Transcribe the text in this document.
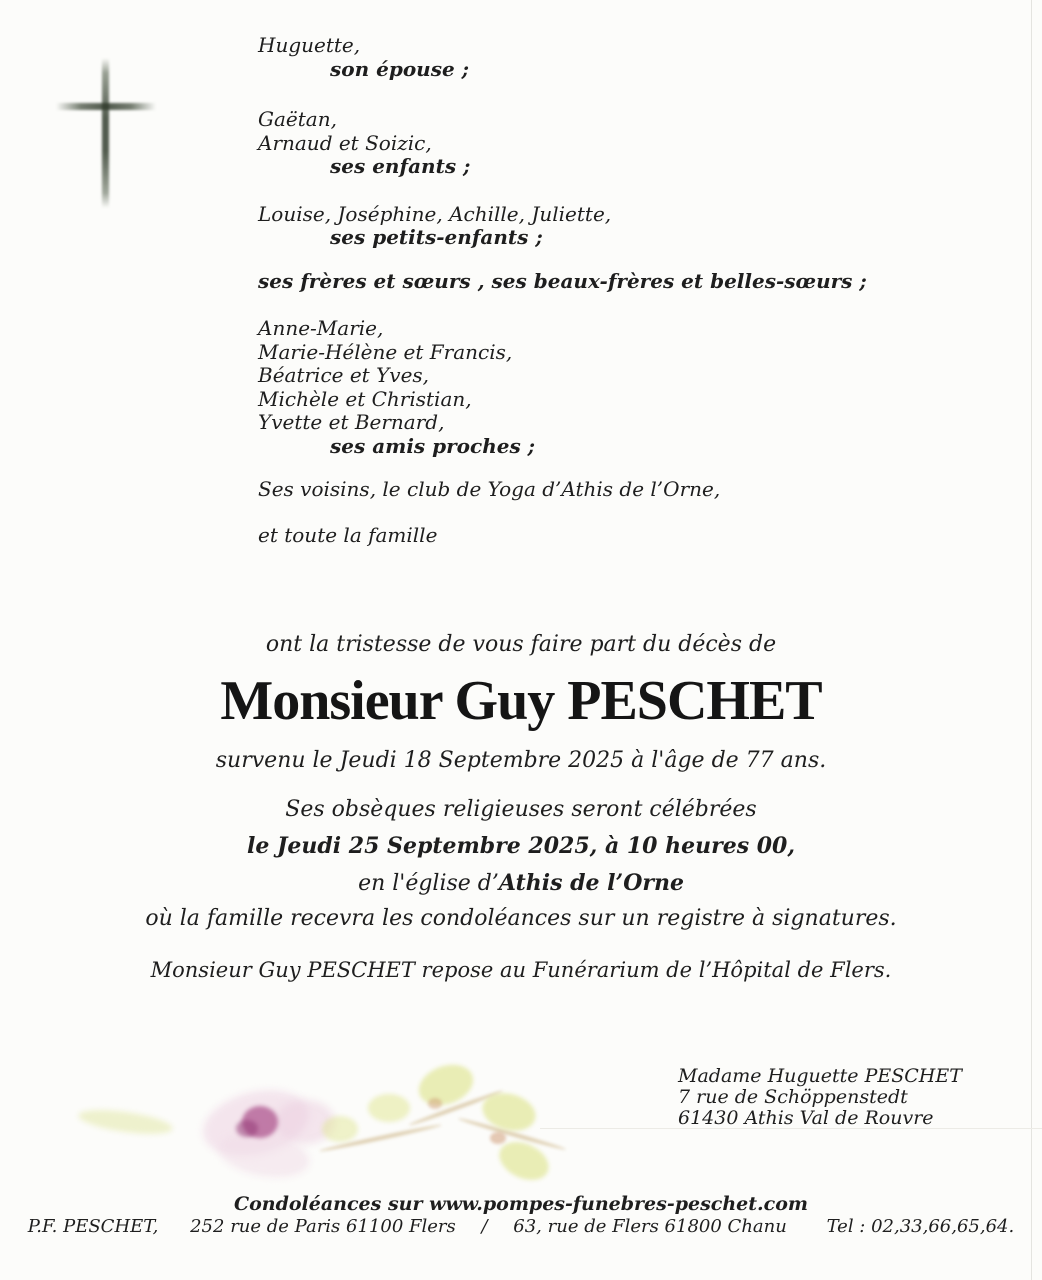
Huguette,
son épouse ;
Gaëtan,
Arnaud et Soizic,
ses enfants ;
Louise, Joséphine, Achille, Juliette,
ses petits-enfants ;
ses frères et sœurs , ses beaux-frères et belles-sœurs ;
Anne-Marie,
Marie-Hélène et Francis,
Béatrice et Yves,
Michèle et Christian,
Yvette et Bernard,
ses amis proches ;
Ses voisins, le club de Yoga d’Athis de l’Orne,
et toute la famille
ont la tristesse de vous faire part du décès de
Monsieur Guy PESCHET
survenu le Jeudi 18 Septembre 2025 à l'âge de 77 ans.
Ses obsèques religieuses seront célébrées
le Jeudi 25 Septembre 2025, à 10 heures 00,
en l'église d’Athis de l’Orne
où la famille recevra les condoléances sur un registre à signatures.
Monsieur Guy PESCHET repose au Funérarium de l’Hôpital de Flers.
Madame Huguette PESCHET
7 rue de Schöppenstedt
61430 Athis Val de Rouvre
Condoléances sur www.pompes-funebres-peschet.com
P.F. PESCHET, 252 rue de Paris 61100 Flers / 63, rue de Flers 61800 Chanu Tel : 02,33,66,65,64.
